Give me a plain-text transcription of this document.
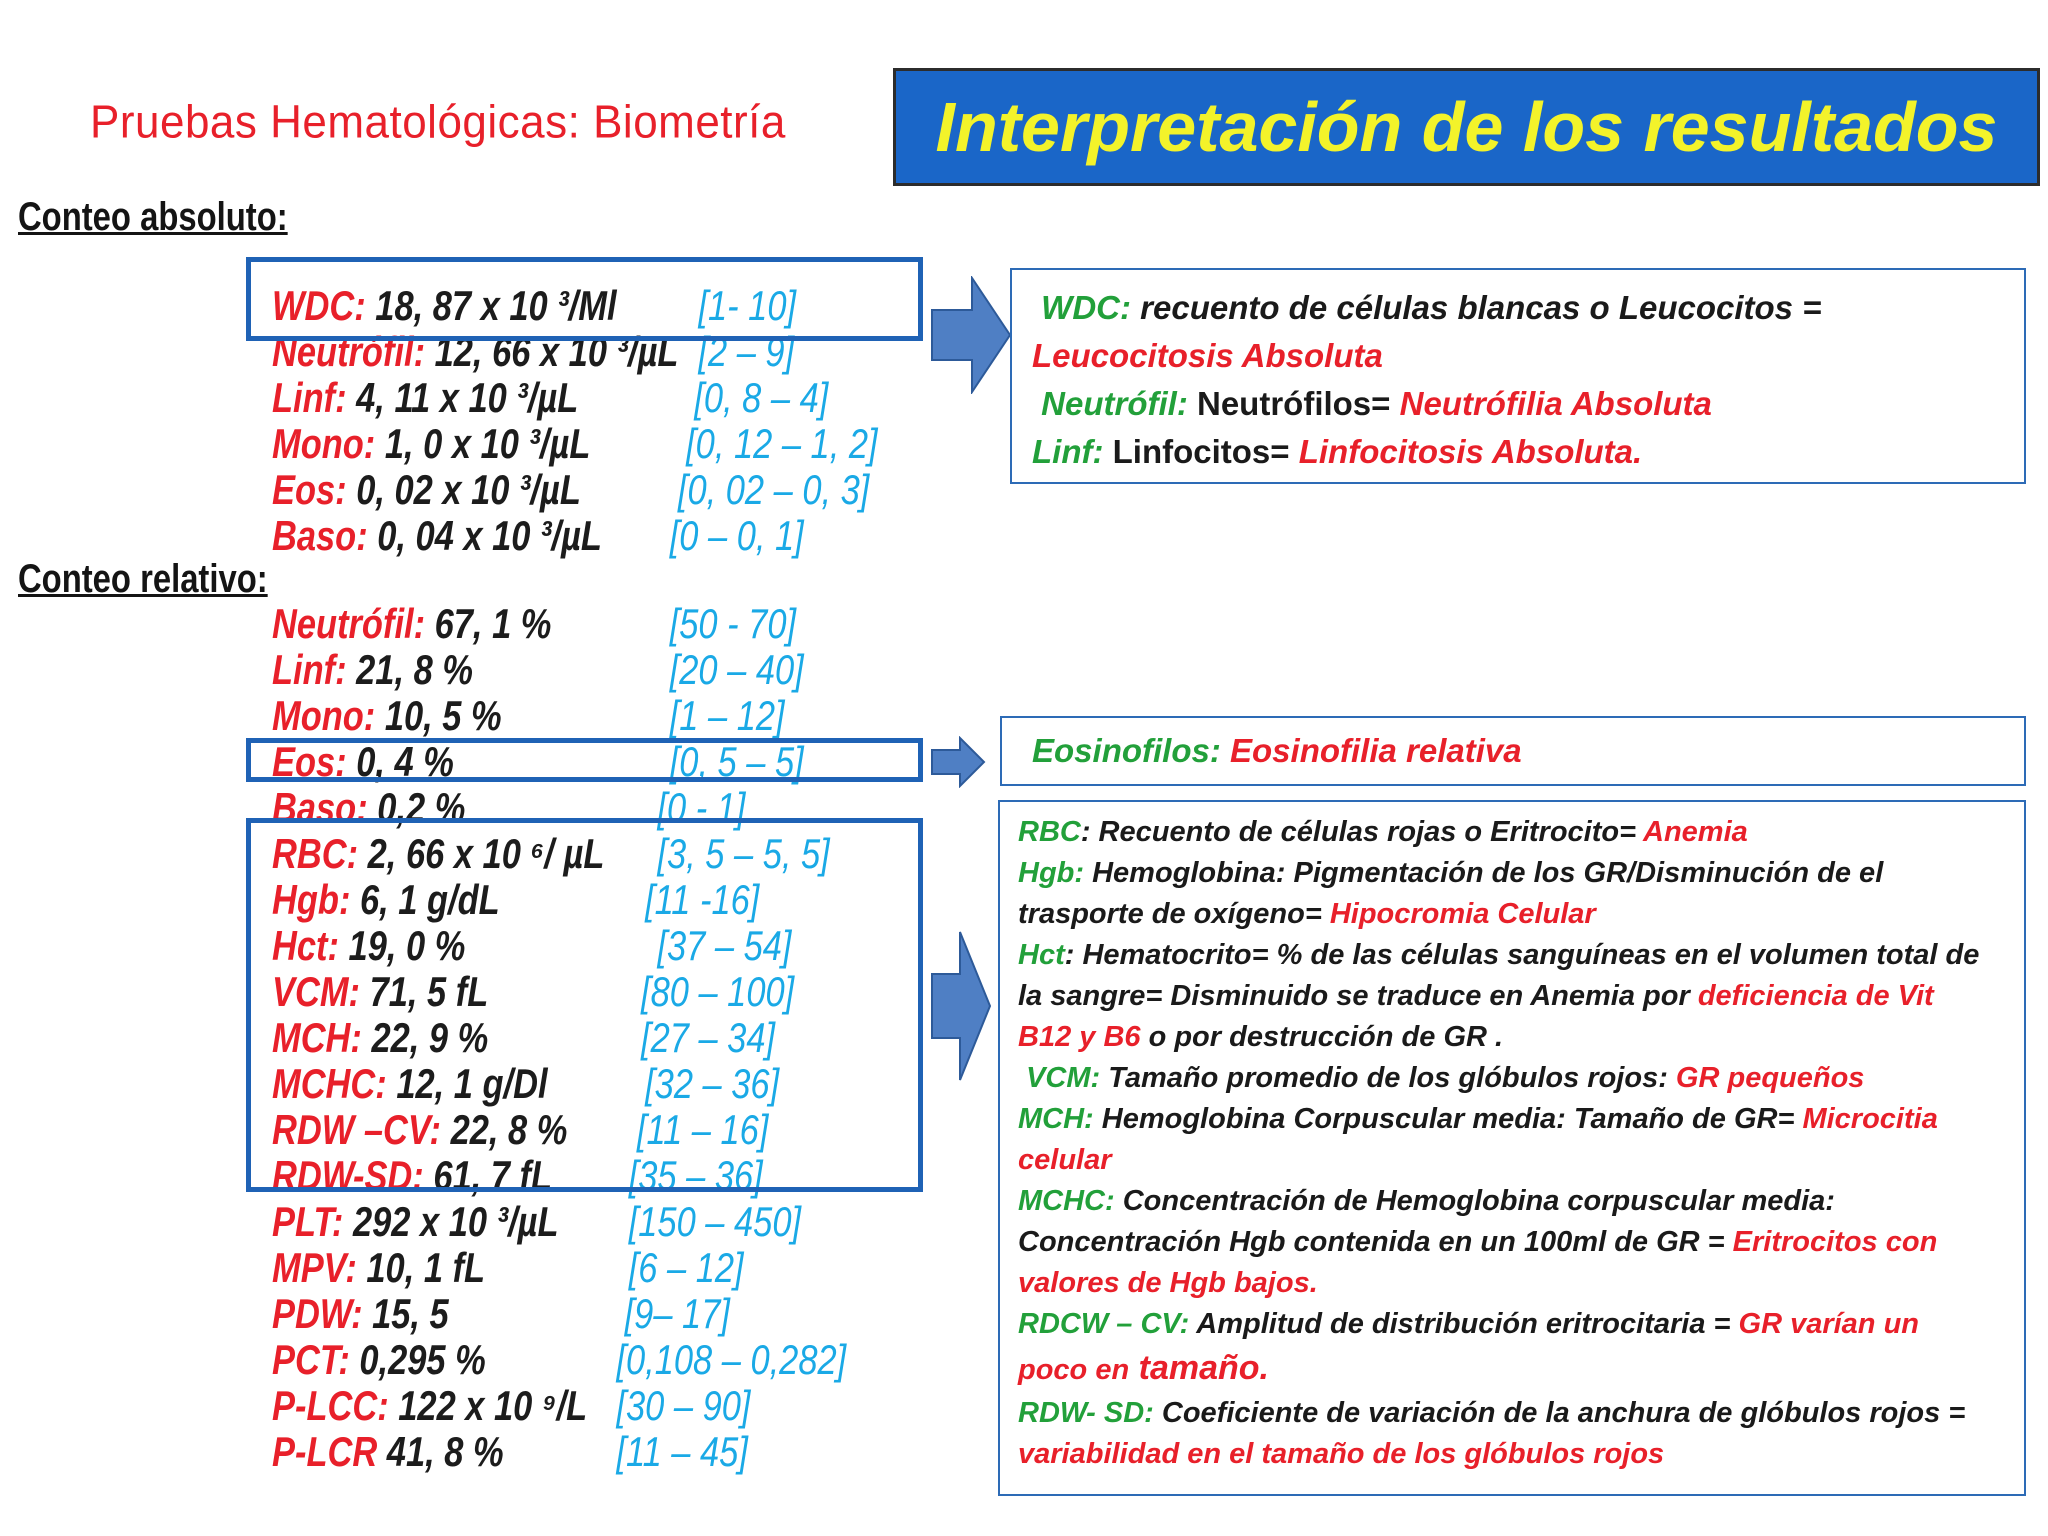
Pruebas Hematológicas: Biometría Interpretación de los resultados
Conteo absoluto:
Conteo relativo:
WDC: 18, 87 x 10 ³/Ml [1- 10]
Neutrófil: 12, 66 x 10 ³/µL [2 – 9]
Linf: 4, 11 x 10 ³/µL	[0, 8 – 4]
Mono: 1, 0 x 10 ³/µL [0, 12 – 1, 2]
Eos: 0, 02 x 10 ³/µL [0, 02 – 0, 3]
Baso: 0, 04 x 10 ³/µL [0 – 0, 1]
Neutrófil: 67, 1 %	[50 - 70]
Linf: 21, 8 %	[20 – 40]
Mono: 10, 5 %	[1 – 12]
Eos: 0, 4 %	[0, 5 – 5]
Baso: 0,2 %	[0 - 1]
RBC: 2, 66 x 10 ⁶/ µL [3, 5 – 5, 5]
Hgb: 6, 1 g/dL	[11 -16]
Hct: 19, 0 %	[37 – 54]
VCM: 71, 5 fL	[80 – 100]
MCH: 22, 9 %	[27 – 34]
MCHC: 12, 1 g/Dl [32 – 36]
RDW –CV: 22, 8 % [11 – 16]
RDW-SD: 61, 7 fL [35 – 36]
PLT: 292 x 10 ³/µL [150 – 450]
MPV: 10, 1 fL	[6 – 12]
PDW: 15, 5	[9– 17]
PCT: 0,295 %	[0,108 – 0,282]
P-LCC: 122 x 10 ⁹/L [30 – 90]
P-LCR 41, 8 %	[11 – 45]
WDC: recuento de células blancas o Leucocitos =
Leucocitosis Absoluta
Neutrófil: Neutrófilos= Neutrófilia Absoluta
Linf: Linfocitos= Linfocitosis Absoluta.
Eosinofilos: Eosinofilia relativa
RBC: Recuento de células rojas o Eritrocito= Anemia
Hgb: Hemoglobina: Pigmentación de los GR/Disminución de el
trasporte de oxígeno= Hipocromia Celular
Hct: Hematocrito= % de las células sanguíneas en el volumen total de
la sangre= Disminuido se traduce en Anemia por deficiencia de Vit
B12 y B6 o por destrucción de GR .
VCM: Tamaño promedio de los glóbulos rojos: GR pequeños
MCH: Hemoglobina Corpuscular media: Tamaño de GR= Microcitia
celular
MCHC: Concentración de Hemoglobina corpuscular media:
Concentración Hgb contenida en un 100ml de GR = Eritrocitos con
valores de Hgb bajos.
RDCW – CV: Amplitud de distribución eritrocitaria = GR varían un
poco en tamaño.
RDW- SD: Coeficiente de variación de la anchura de glóbulos rojos =
variabilidad en el tamaño de los glóbulos rojos
